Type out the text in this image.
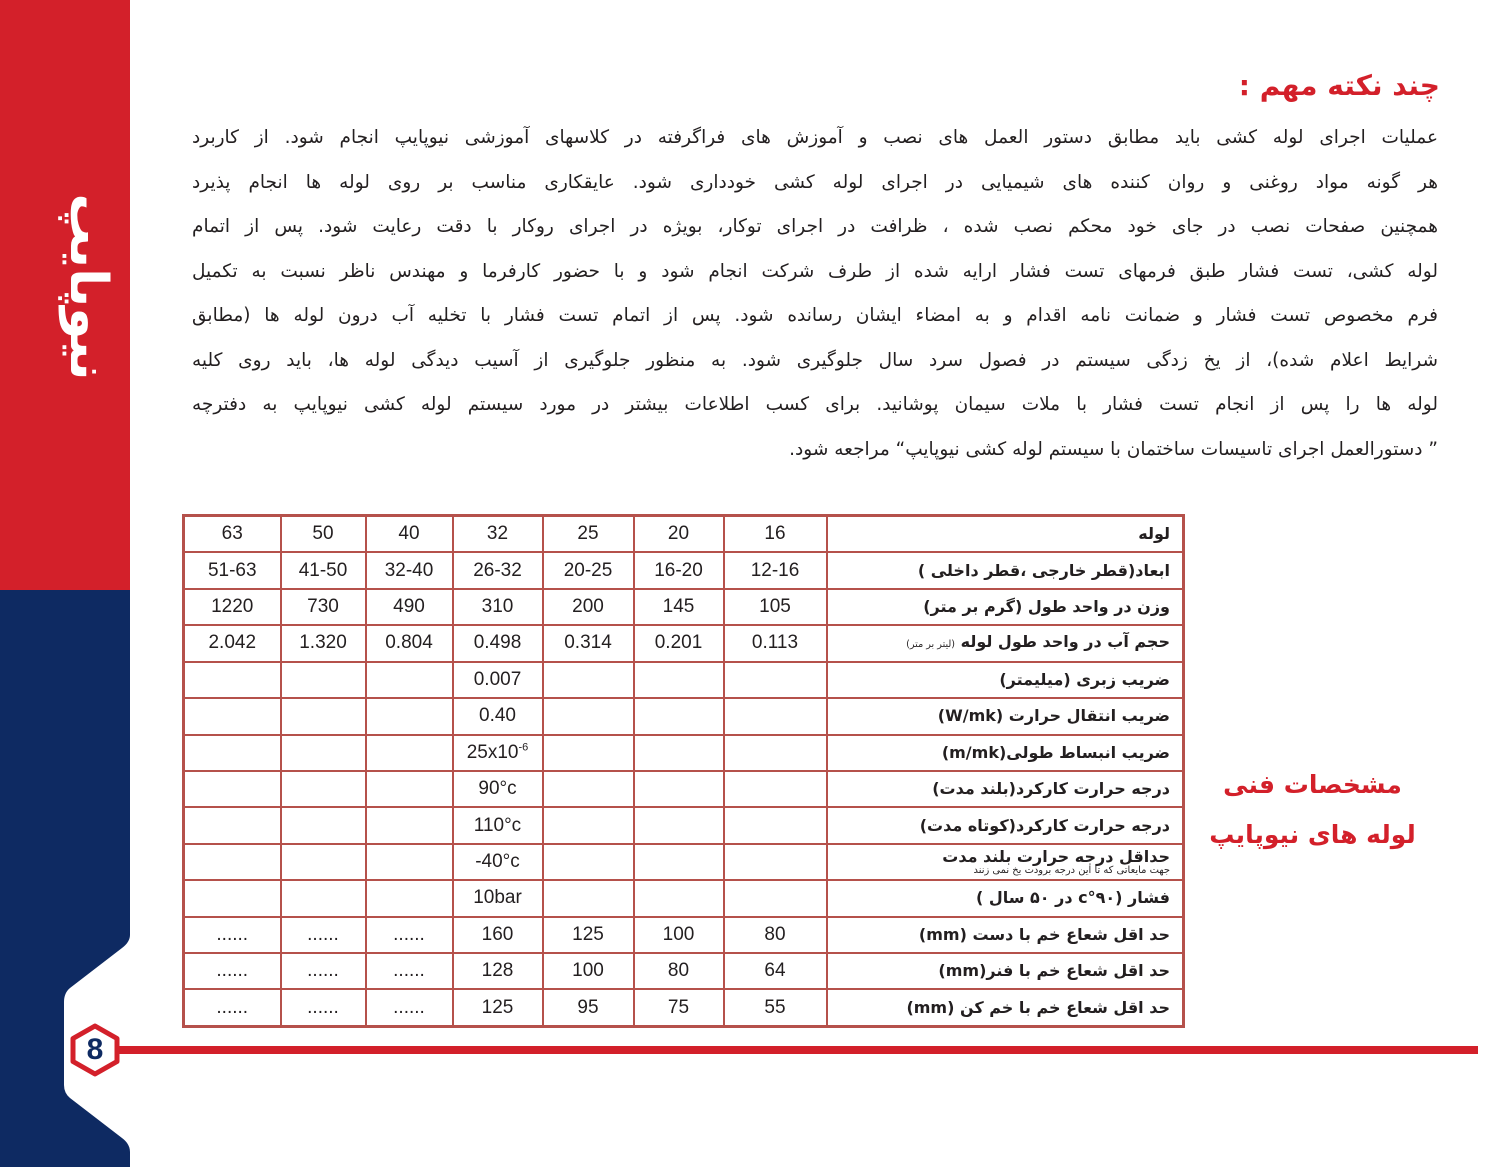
نیوپایپ
8
چند نکته مهم :
عملیات اجرای لوله کشی باید مطابق دستور العمل های نصب و آموزش های فراگرفته در کلاسهای آموزشی نیوپایپ انجام شود. از کاربرد
هر گونه مواد روغنی و روان کننده های شیمیایی در اجرای لوله کشی خودداری شود. عایقکاری مناسب بر روی لوله ها انجام پذیرد
همچنین صفحات نصب در جای خود محکم نصب شده ، ظرافت در اجرای توکار، بویژه در اجرای روکار با دقت رعایت شود. پس از اتمام
لوله کشی، تست فشار طبق فرمهای تست فشار ارایه شده از طرف شرکت انجام شود و با حضور کارفرما و مهندس ناظر نسبت به تکمیل
فرم مخصوص تست فشار و ضمانت نامه اقدام و به امضاء ایشان رسانده شود. پس از اتمام تست فشار با تخلیه آب درون لوله ها (مطابق
شرایط اعلام شده)، از یخ زدگی سیستم در فصول سرد سال جلوگیری شود. به منظور جلوگیری از آسیب دیدگی لوله ها، باید روی کلیه
لوله ها را پس از انجام تست فشار با ملات سیمان پوشانید. برای کسب اطلاعات بیشتر در مورد سیستم لوله کشی نیوپایپ به دفترچه
” دستورالعمل اجرای تاسیسات ساختمان با سیستم لوله کشی نیوپایپ“ مراجعه شود.
لوله	16	20	25	32	40	50	63

ابعاد(قطر خارجی ،قطر داخلی )	12-16	16-20	20-25	26-32	32-40	41-50	51-63

وزن در واحد طول (گرم بر متر)	105	145	200	310	490	730	1220

حجم آب در واحد طول لوله (لیتر بر متر)	0.113	0.201	0.314	0.498	0.804	1.320	2.042

ضریب زبری (میلیمتر)				0.007			

ضریب انتقال حرارت (W/mk)				0.40			

ضریب انبساط طولی(m/mk)				$25x10^{-6}$			

درجه حرارت کارکرد(بلند مدت)				90°c			

درجه حرارت کارکرد(کوتاه مدت)				110°c			

حداقل درجه حرارت بلند مدت
جهت مایعاتی که تا این درجه برودت یخ نمی زنند				-40°c			

فشار (۹۰°c در ۵۰ سال )				10bar			

حد اقل شعاع خم با دست (mm)	80	100	125	160	......	......	......

حد اقل شعاع خم با فنر(mm)	64	80	100	128	......	......	......

حد اقل شعاع خم با خم کن (mm)	55	75	95	125	......	......	......
مشخصات فنی
لوله های نیوپایپ
